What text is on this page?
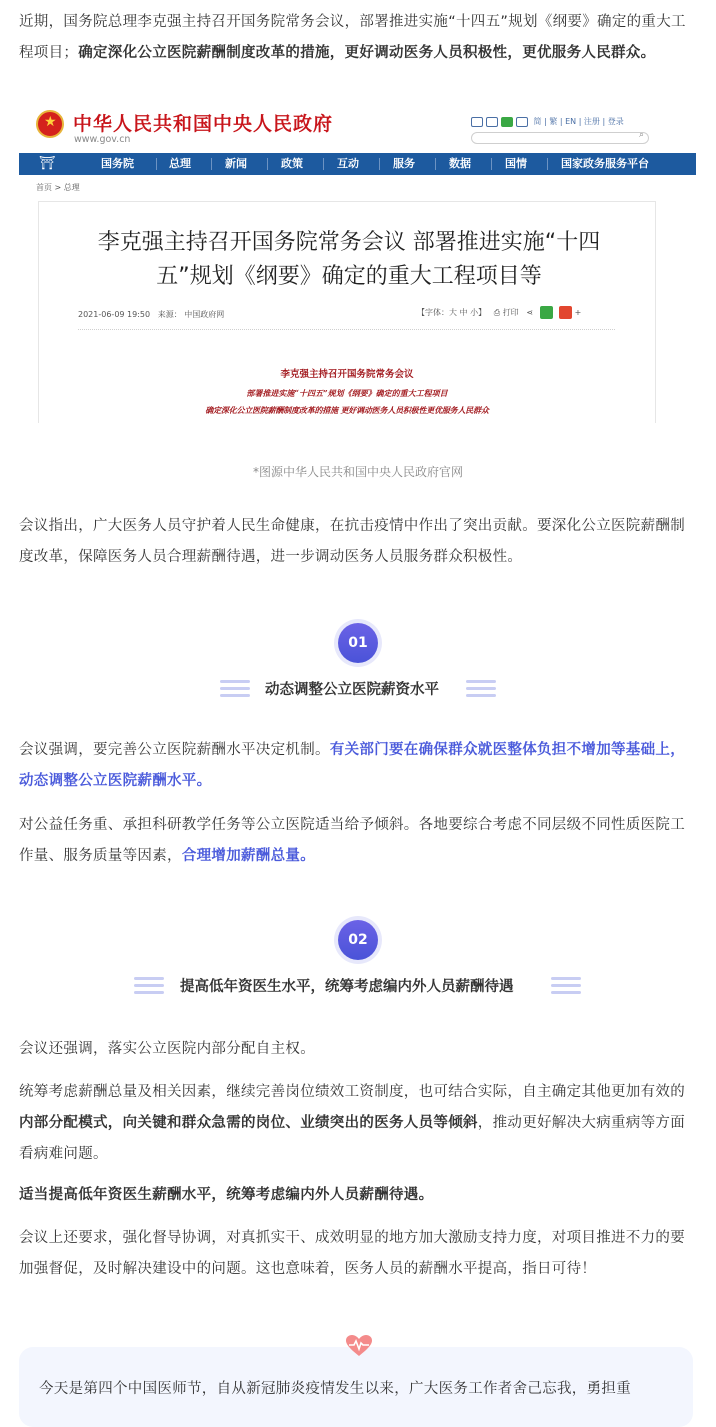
近期，国务院总理李克强主持召开国务院常务会议，部署推进实施“十四五”规划《纲要》确定的重大工程项目；确定深化公立医院薪酬制度改革的措施，更好调动医务人员积极性，更优服务人民群众。

★
中华人民共和国中央人民政府
www.gov.cn
简 | 繁 | EN | 注册 | 登录
⌕
⛩	国务院	总理	新闻	政策	互动	服务	数据	国情	国家政务服务平台
首页 > 总理
李克强主持召开国务院常务会议 部署推进实施“十四五”规划《纲要》确定的重大工程项目等
2021-06-09 19:50 来源： 中国政府网	【字体：大 中 小】 ⎙ 打印 ⋖	+
李克强主持召开国务院常务会议
部署推进实施“十四五”规划《纲要》确定的重大工程项目
确定深化公立医院薪酬制度改革的措施 更好调动医务人员积极性更优服务人民群众
*图源中华人民共和国中央人民政府官网

会议指出，广大医务人员守护着人民生命健康，在抗击疫情中作出了突出贡献。要深化公立医院薪酬制度改革，保障医务人员合理薪酬待遇，进一步调动医务人员服务群众积极性。

01
动态调整公立医院薪资水平

会议强调，要完善公立医院薪酬水平决定机制。有关部门要在确保群众就医整体负担不增加等基础上，动态调整公立医院薪酬水平。

对公益任务重、承担科研教学任务等公立医院适当给予倾斜。各地要综合考虑不同层级不同性质医院工作量、服务质量等因素，合理增加薪酬总量。

02
提高低年资医生水平，统筹考虑编内外人员薪酬待遇

会议还强调，落实公立医院内部分配自主权。

统筹考虑薪酬总量及相关因素，继续完善岗位绩效工资制度，也可结合实际，自主确定其他更加有效的内部分配模式，向关键和群众急需的岗位、业绩突出的医务人员等倾斜，推动更好解决大病重病等方面看病难问题。

适当提高低年资医生薪酬水平，统筹考虑编内外人员薪酬待遇。

会议上还要求，强化督导协调，对真抓实干、成效明显的地方加大激励支持力度，对项目推进不力的要加强督促，及时解决建设中的问题。这也意味着，医务人员的薪酬水平提高，指日可待！

今天是第四个中国医师节，自从新冠肺炎疫情发生以来，广大医务工作者舍己忘我，勇担重
